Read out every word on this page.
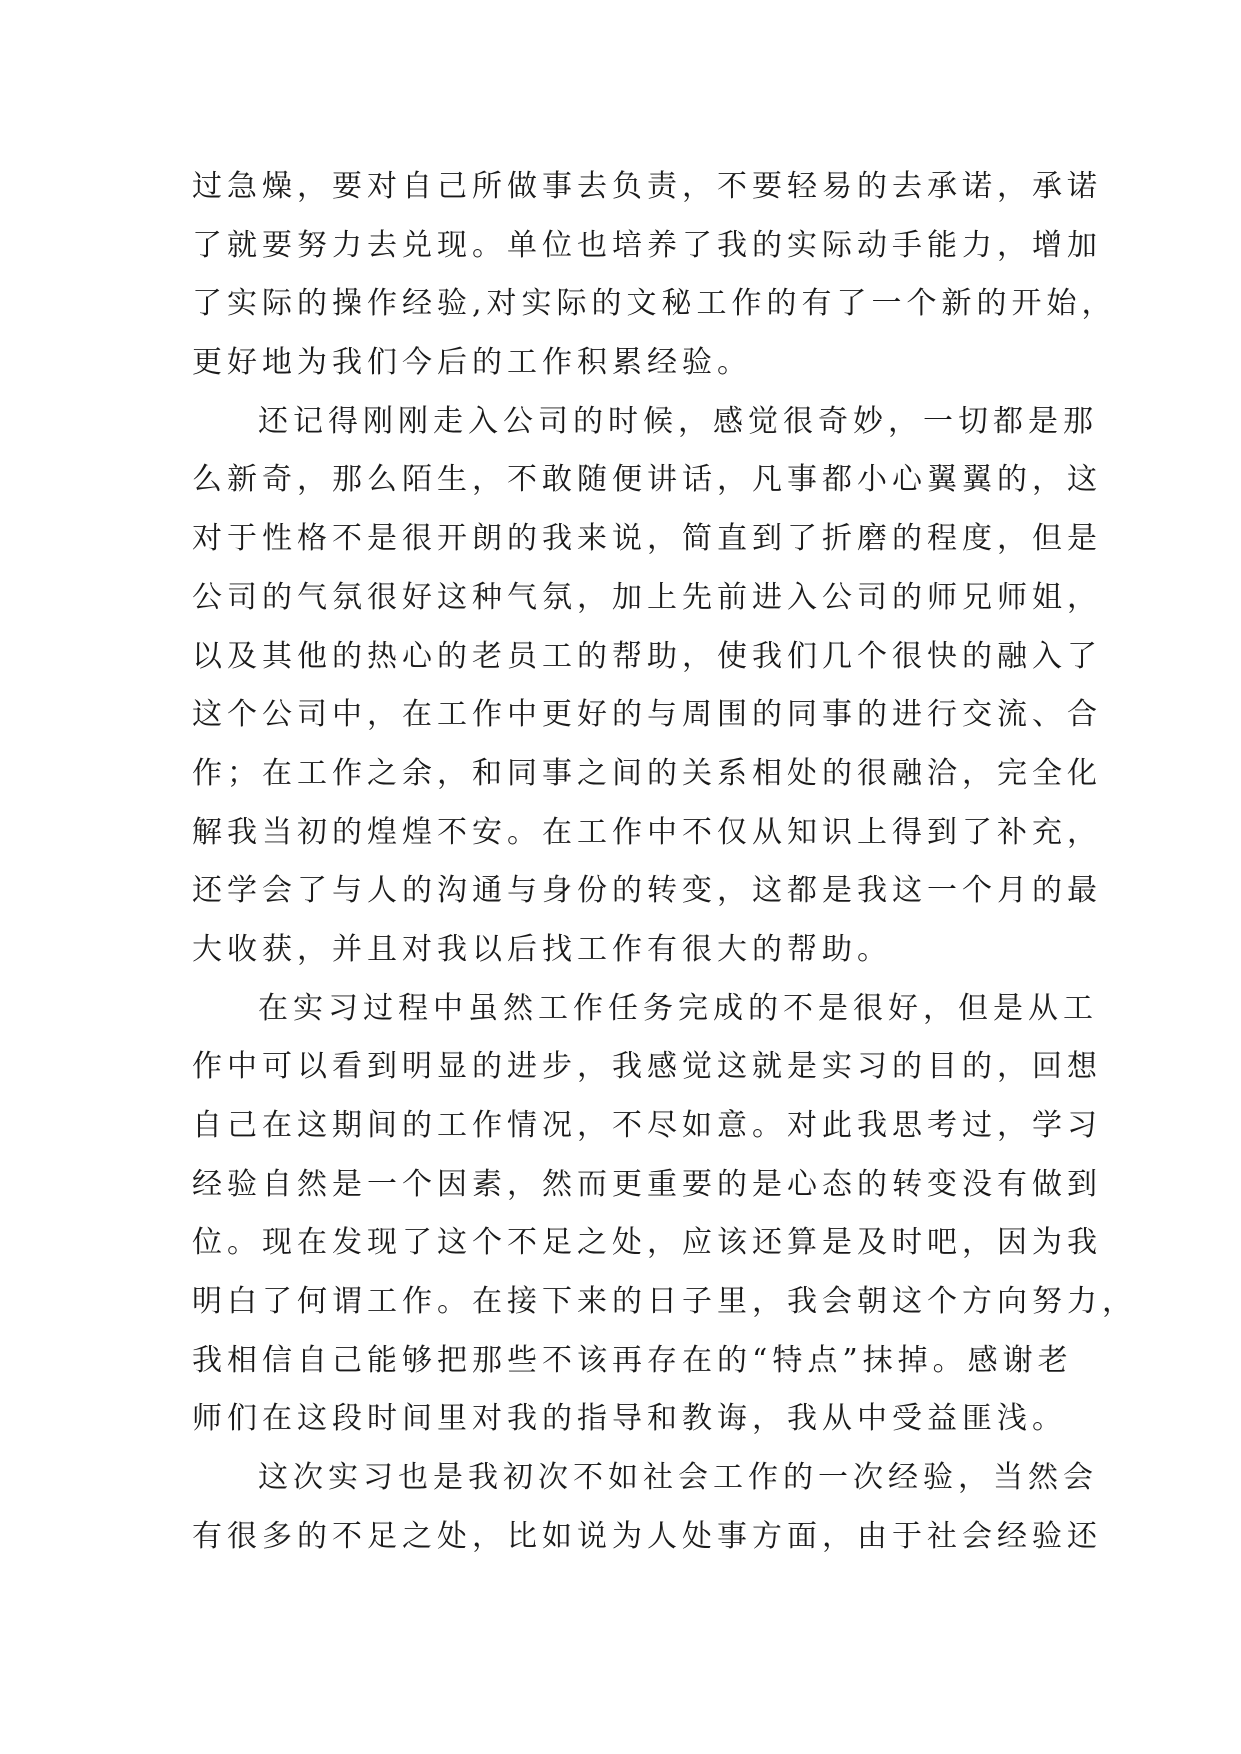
过急燥，要对自己所做事去负责，不要轻易的去承诺，承诺
了就要努力去兑现。单位也培养了我的实际动手能力，增加
了实际的操作经验,对实际的文秘工作的有了一个新的开始，
更好地为我们今后的工作积累经验。
还记得刚刚走入公司的时候，感觉很奇妙，一切都是那
么新奇，那么陌生，不敢随便讲话，凡事都小心翼翼的，这
对于性格不是很开朗的我来说，简直到了折磨的程度，但是
公司的气氛很好这种气氛，加上先前进入公司的师兄师姐，
以及其他的热心的老员工的帮助，使我们几个很快的融入了
这个公司中，在工作中更好的与周围的同事的进行交流、合
作；在工作之余，和同事之间的关系相处的很融洽，完全化
解我当初的煌煌不安。在工作中不仅从知识上得到了补充，
还学会了与人的沟通与身份的转变，这都是我这一个月的最
大收获，并且对我以后找工作有很大的帮助。
在实习过程中虽然工作任务完成的不是很好，但是从工
作中可以看到明显的进步，我感觉这就是实习的目的，回想
自己在这期间的工作情况，不尽如意。对此我思考过，学习
经验自然是一个因素，然而更重要的是心态的转变没有做到
位。现在发现了这个不足之处，应该还算是及时吧，因为我
明白了何谓工作。在接下来的日子里，我会朝这个方向努力，
我相信自己能够把那些不该再存在的“特点”抹掉。感谢老
师们在这段时间里对我的指导和教诲，我从中受益匪浅。
这次实习也是我初次不如社会工作的一次经验，当然会
有很多的不足之处，比如说为人处事方面，由于社会经验还
